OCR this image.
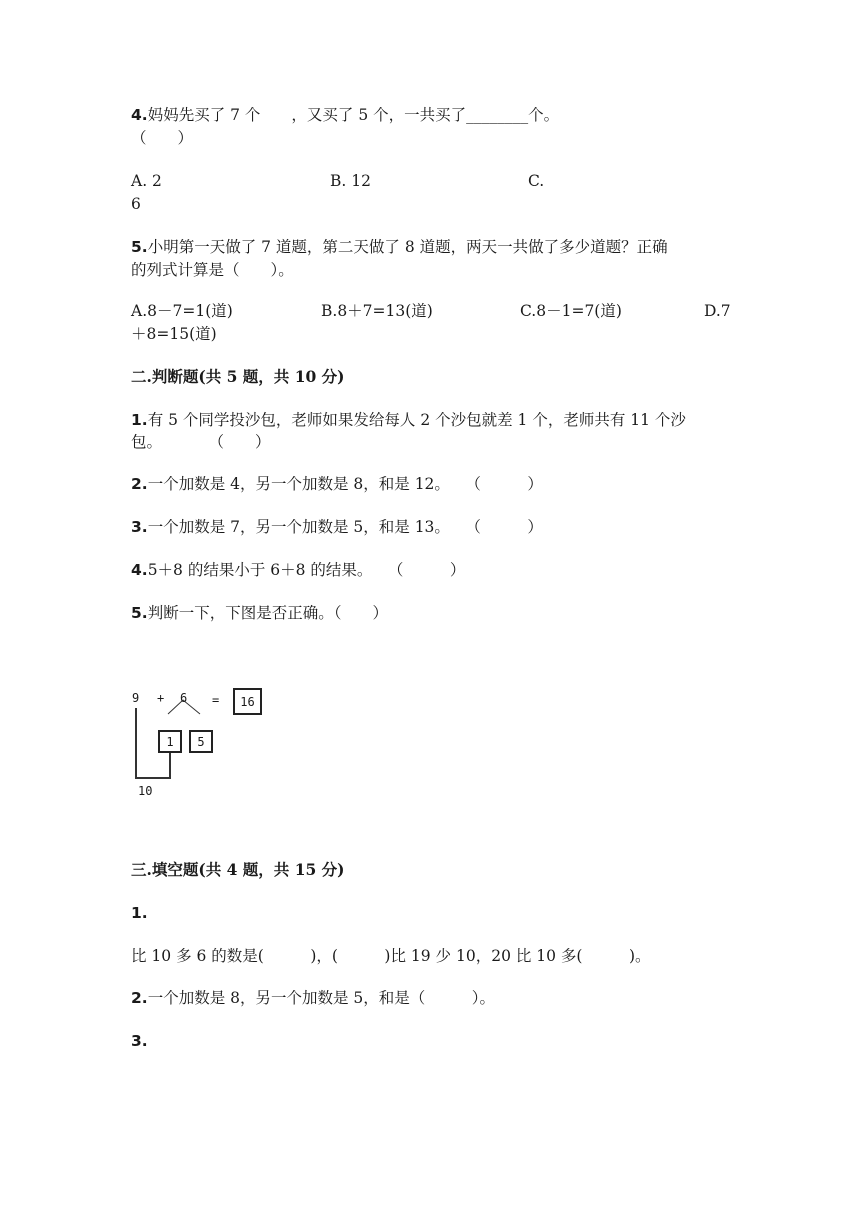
4.妈妈先买了 7 个　　，又买了 5 个，一共买了________个。
（　　）
A. 2	B. 12	C.
6
5.小明第一天做了 7 道题，第二天做了 8 道题，两天一共做了多少道题？正确
的列式计算是（　　）。
A.8－7=1(道)	B.8＋7=13(道)	C.8－1=7(道)	D.7
＋8=15(道)
二.判断题(共 5 题，共 10 分)
1.有 5 个同学投沙包，老师如果发给每人 2 个沙包就差 1 个，老师共有 11 个沙
包。　　　　（　　）
2.一个加数是 4，另一个加数是 8，和是 12。　　（　　　）
3.一个加数是 7，另一个加数是 5，和是 13。　　（　　　）
4.5＋8 的结果小于 6＋8 的结果。　　（　　　）
5.判断一下，下图是否正确。（　　）
9 + 6 =	16
1	5
10
三.填空题(共 4 题，共 15 分)
1.
比 10 多 6 的数是(　　　)，(　　　)比 19 少 10，20 比 10 多(　　　)。
2.一个加数是 8，另一个加数是 5，和是（　　　）。
3.
